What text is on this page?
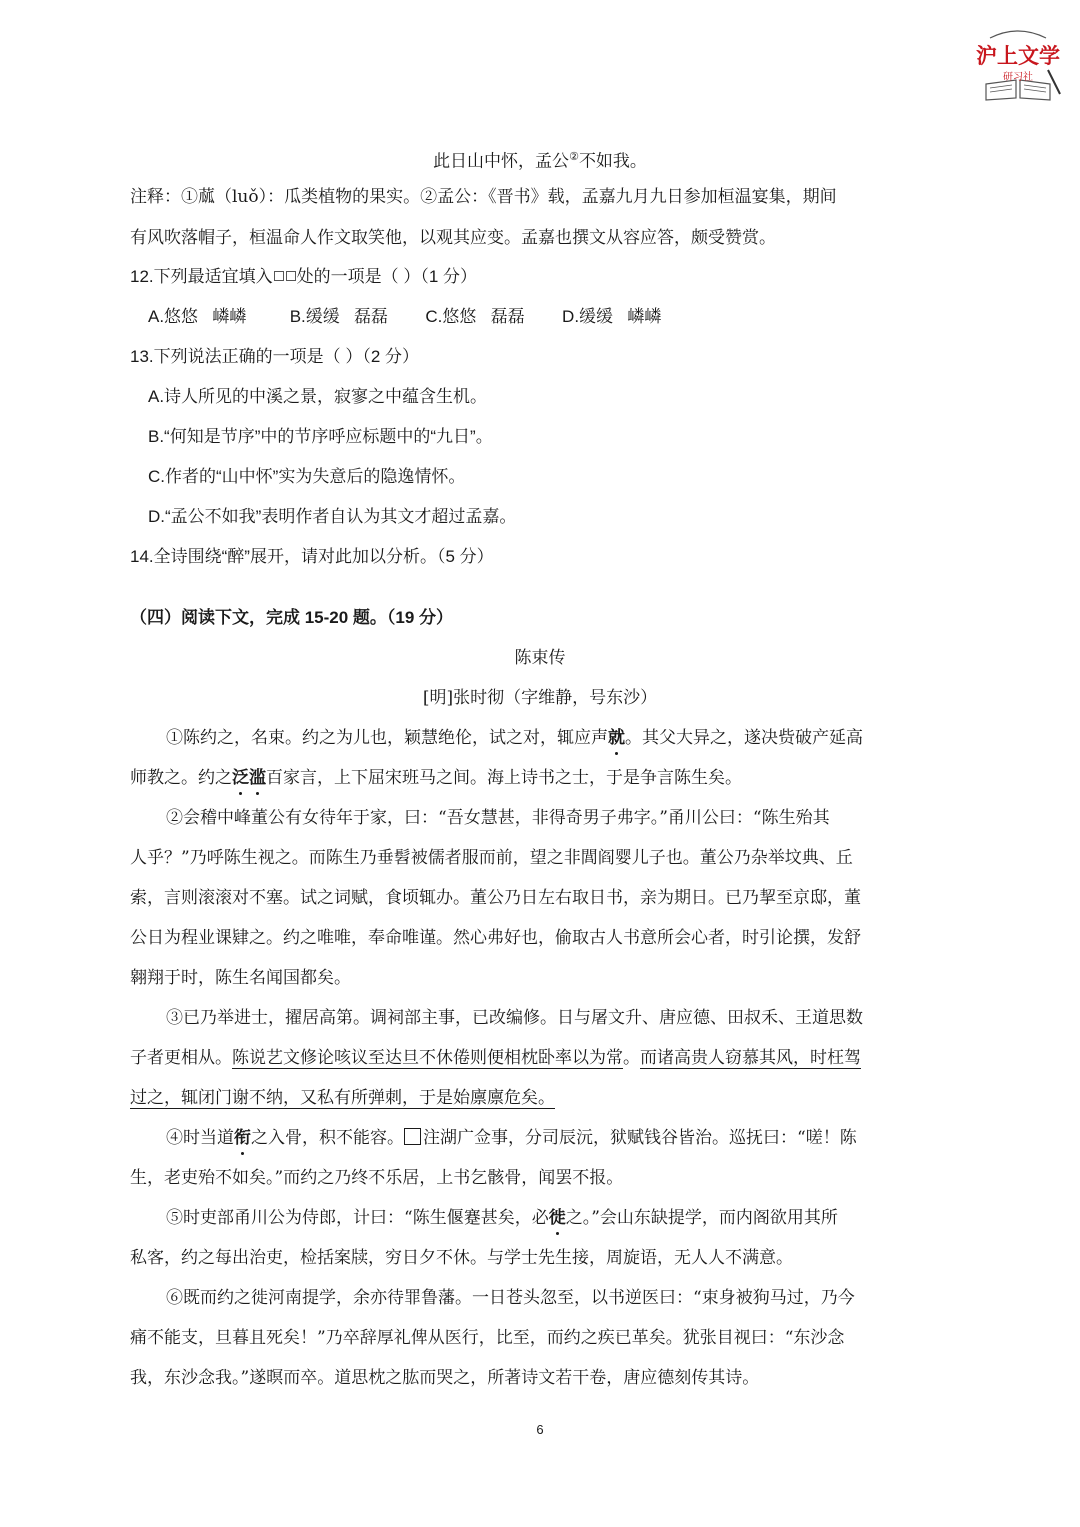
沪上文学
研习社
此日山中怀，孟公②不如我。
注释：①蓏（luǒ）：瓜类植物的果实。②孟公：《晋书》载，孟嘉九月九日参加桓温宴集，期间
有风吹落帽子，桓温命人作文取笑他，以观其应变。孟嘉也撰文从容应答，颇受赞赏。
12.下列最适宜填入 处的一项是（ ）（1 分）
A.悠悠 嶙嶙	B.缓缓 磊磊 C.悠悠 磊磊 D.缓缓 嶙嶙
13.下列说法正确的一项是（ ）（2 分）
A.诗人所见的中溪之景，寂寥之中蕴含生机。
B.“何知是节序”中的节序呼应标题中的“九日”。
C.作者的“山中怀”实为失意后的隐逸情怀。
D.“孟公不如我”表明作者自认为其文才超过孟嘉。
14.全诗围绕“醉”展开，请对此加以分析。（5 分）
（四）阅读下文，完成 15-20 题。（19 分）
陈束传
[明]张时彻（字维静，号东沙）
①陈约之，名束。约之为儿也，颖慧绝伦，试之对，辄应声就。其父大异之，遂决赀破产延高
师教之。约之泛滥百家言，上下屈宋班马之间。海上诗书之士，于是争言陈生矣。
②会稽中峰董公有女待年于家，曰：“吾女慧甚，非得奇男子弗字。”甬川公曰：“陈生殆其
人乎？”乃呼陈生视之。而陈生乃垂髫被儒者服而前，望之非閭阎婴儿子也。董公乃杂举坟典、丘
索，言则滚滚对不塞。试之词赋，食顷辄办。董公乃日左右取日书，亲为期日。已乃挈至京邸，董
公日为程业课肄之。约之唯唯，奉命唯谨。然心弗好也，偷取古人书意所会心者，时引论撰，发舒
翱翔于时，陈生名闻国都矣。
③已乃举进士，擢居高第。调祠部主事，已改编修。日与屠文升、唐应德、田叔禾、王道思数
子者更相从。陈说艺文修论咳议至达旦不休倦则便相枕卧率以为常。而诸高贵人窃慕其风，时枉驾
过之，辄闭门谢不纳，又私有所弹刺，于是始廪廪危矣。
④时当道衔之入骨，积不能容。 注湖广佥事，分司辰沅，狱赋钱谷皆治。巡抚曰：“嗟！陈
生，老吏殆不如矣。”而约之乃终不乐居，上书乞骸骨，闻罢不报。
⑤时吏部甬川公为侍郎，计曰：“陈生偃蹇甚矣，必徙之。”会山东缺提学，而内阁欲用其所
私客，约之每出治吏，检括案牍，穷日夕不休。与学士先生接，周旋语，无人人不满意。
⑥既而约之徙河南提学，余亦待罪鲁藩。一日苍头忽至，以书逆医曰：“束身被狗马过，乃今
痛不能支，旦暮且死矣！”乃卒辞厚礼俾从医行，比至，而约之疾已革矣。犹张目视曰：“东沙念
我，东沙念我。”遂暝而卒。道思枕之肱而哭之，所著诗文若干卷，唐应德刻传其诗。
6
